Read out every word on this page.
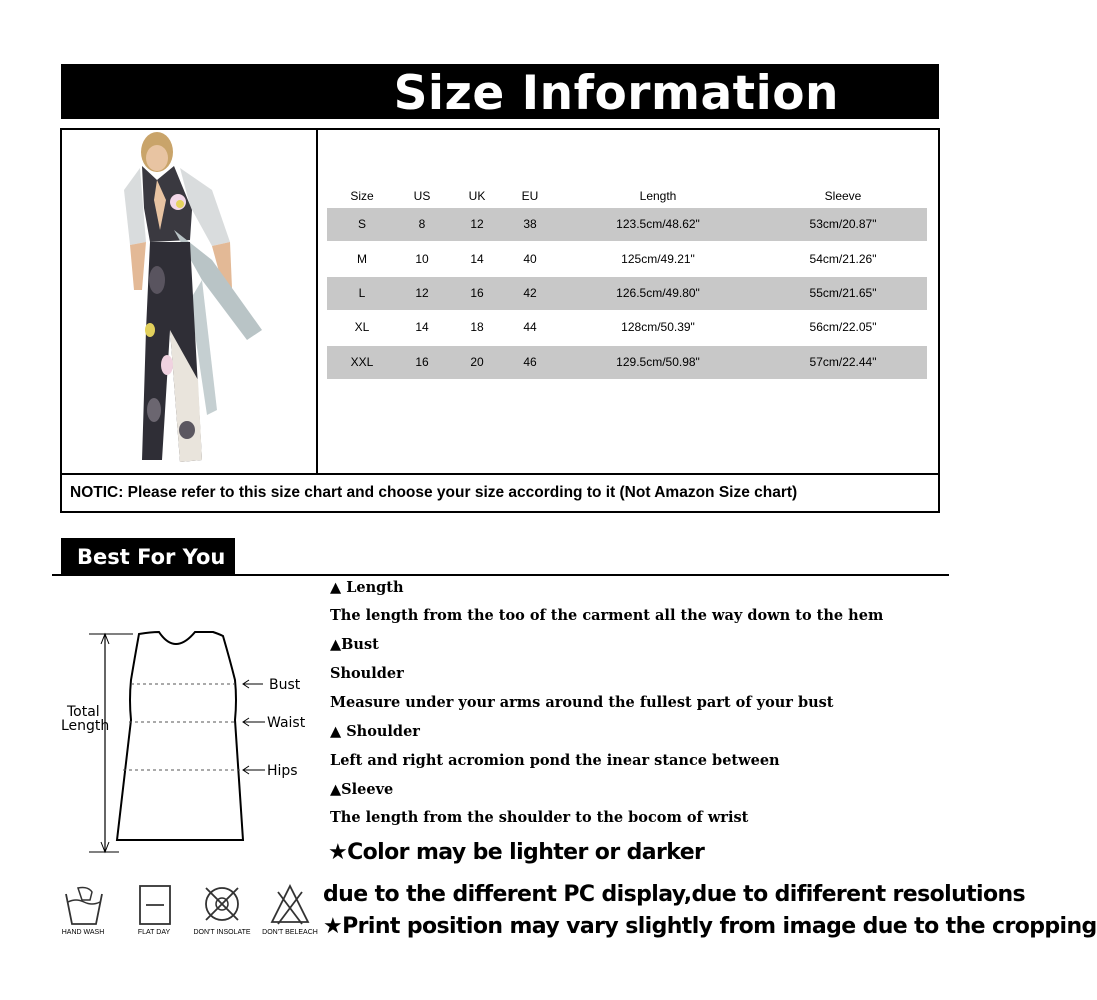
Size Information
Size	US	UK	EU	Length	Sleeve
S	8	12	38	123.5cm/48.62"	53cm/20.87"
M	10	14	40	125cm/49.21"	54cm/21.26"
L	12	16	42	126.5cm/49.80"	55cm/21.65"
XL	14	18	44	128cm/50.39"	56cm/22.05"
XXL	16	20	46	129.5cm/50.98"	57cm/22.44"
NOTIC: Please refer to this size chart and choose your size according to it (Not Amazon Size chart)
Best For You
Total
Length
Bust
Waist
Hips
▲ Length
The length from the too of the carment all the way down to the hem
▲Bust
Shoulder
Measure under your arms around the fullest part of your bust
▲ Shoulder
Left and right acromion pond the inear stance between
▲Sleeve
The length from the shoulder to the bocom of wrist
★Color may be lighter or darker
due to the different PC display,due to dififerent resolutions
★Print position may vary slightly from image due to the cropping
HAND WASH	FLAT DAY	DON'T INSOLATE DON'T BELEACH
